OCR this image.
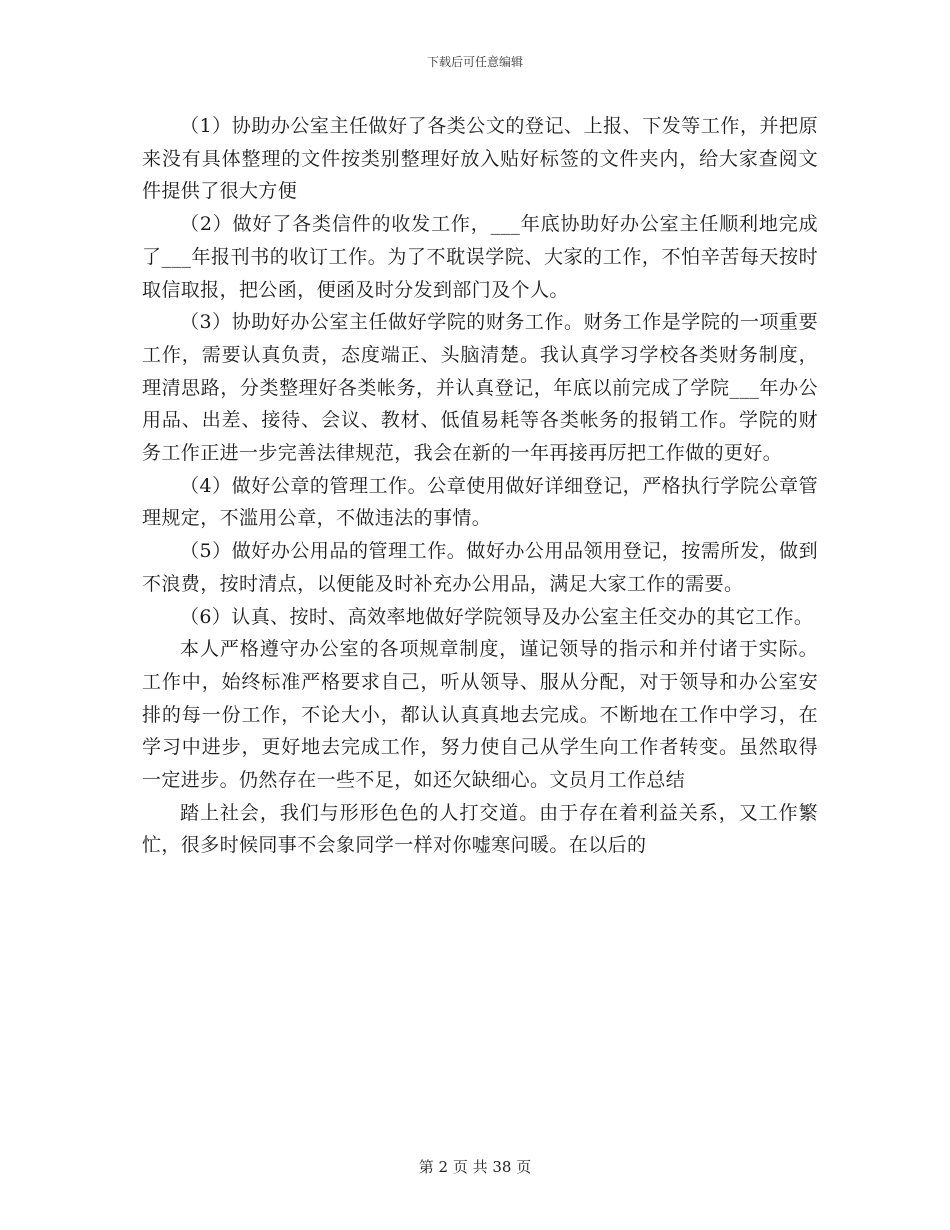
下载后可任意编辑

（1）协助办公室主任做好了各类公文的登记、上报、下发等工作，并把原来没有具体整理的文件按类别整理好放入贴好标签的文件夹内，给大家查阅文件提供了很大方便

（2）做好了各类信件的收发工作，___年底协助好办公室主任顺利地完成了___年报刊书的收订工作。为了不耽误学院、大家的工作，不怕辛苦每天按时取信取报，把公函，便函及时分发到部门及个人。

（3）协助好办公室主任做好学院的财务工作。财务工作是学院的一项重要工作，需要认真负责，态度端正、头脑清楚。我认真学习学校各类财务制度，理清思路，分类整理好各类帐务，并认真登记，年底以前完成了学院___年办公用品、出差、接待、会议、教材、低值易耗等各类帐务的报销工作。学院的财务工作正进一步完善法律规范，我会在新的一年再接再厉把工作做的更好。

（4）做好公章的管理工作。公章使用做好详细登记，严格执行学院公章管理规定，不滥用公章，不做违法的事情。

（5）做好办公用品的管理工作。做好办公用品领用登记，按需所发，做到不浪费，按时清点，以便能及时补充办公用品，满足大家工作的需要。

（6）认真、按时、高效率地做好学院领导及办公室主任交办的其它工作。

本人严格遵守办公室的各项规章制度，谨记领导的指示和并付诸于实际。工作中，始终标准严格要求自己，听从领导、服从分配，对于领导和办公室安排的每一份工作，不论大小，都认认真真地去完成。不断地在工作中学习，在学习中进步，更好地去完成工作，努力使自己从学生向工作者转变。虽然取得一定进步。仍然存在一些不足，如还欠缺细心。文员月工作总结

踏上社会，我们与形形色色的人打交道。由于存在着利益关系，又工作繁忙，很多时候同事不会象同学一样对你嘘寒问暖。在以后的

第 2 页 共 38 页
